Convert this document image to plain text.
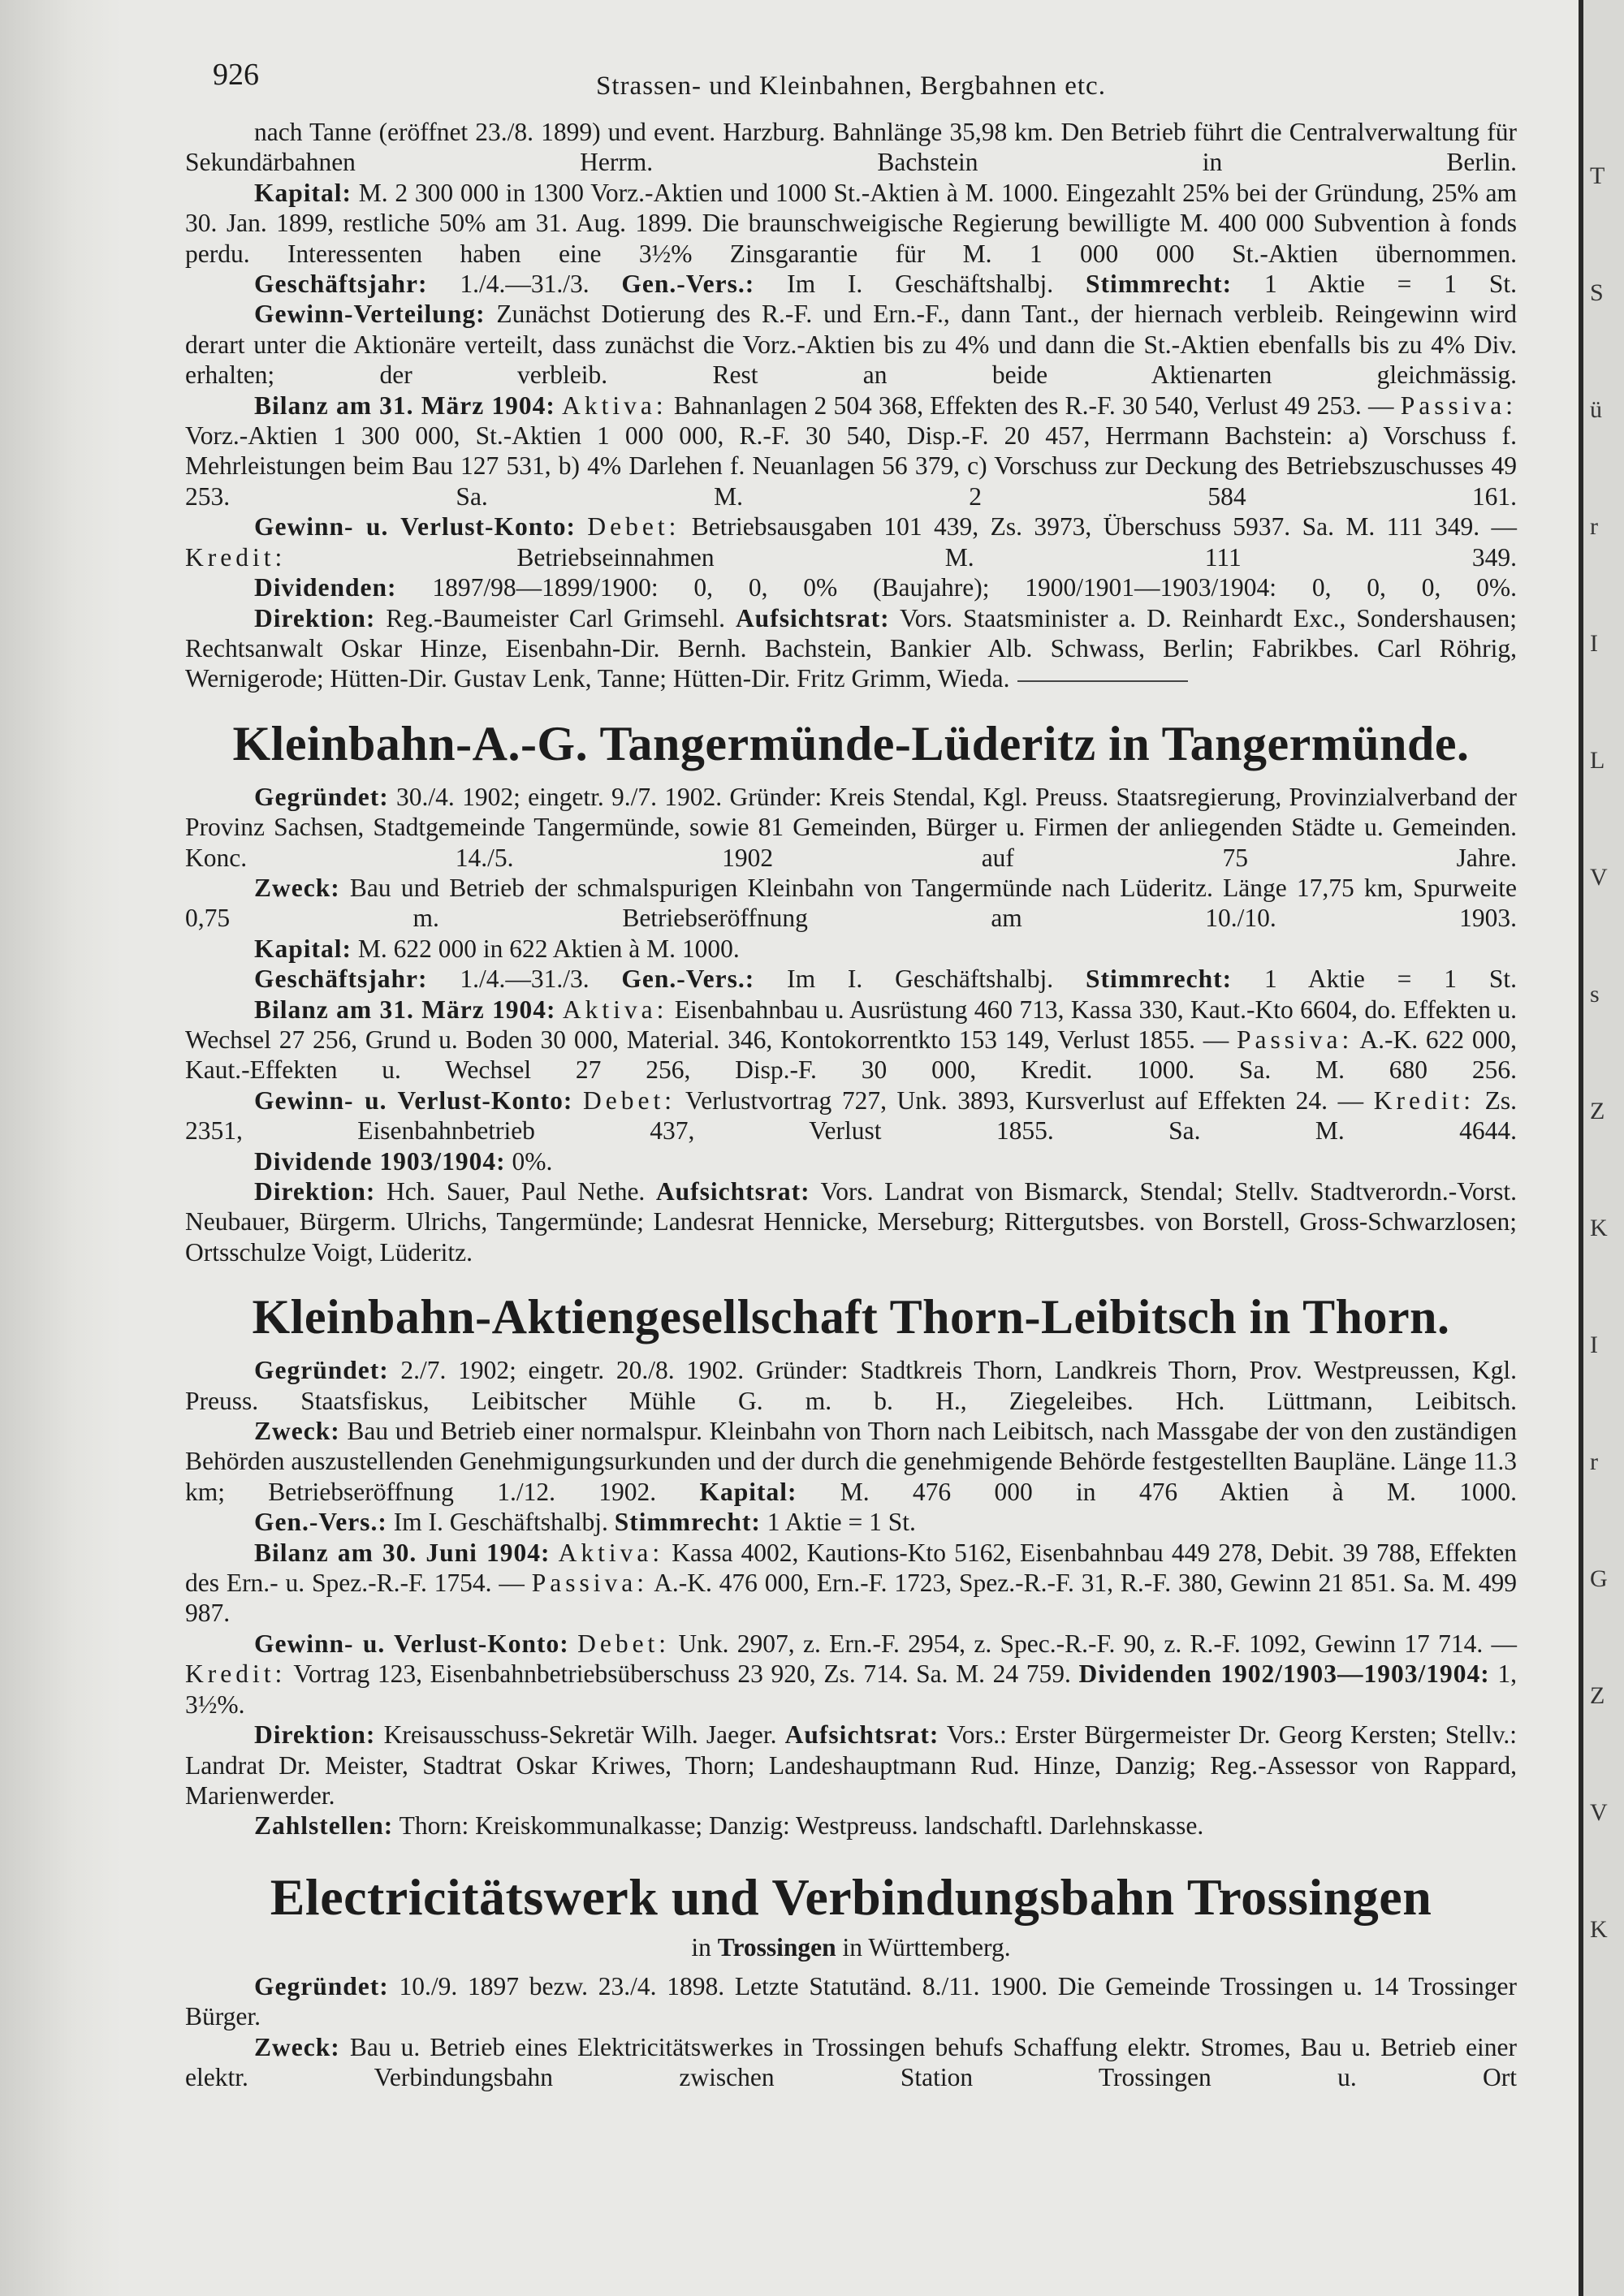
T
S
ü
r
I
L
V
s
Z
K
I
r
G
Z
V
K
926	Strassen- und Kleinbahnen, Bergbahnen etc.

nach Tanne (eröffnet 23./8. 1899) und event. Harzburg. Bahnlänge 35,98 km. Den Betrieb führt die Centralverwaltung für Sekundärbahnen Herrm. Bachstein in Berlin.

Kapital: M. 2 300 000 in 1300 Vorz.-Aktien und 1000 St.-Aktien à M. 1000. Eingezahlt 25% bei der Gründung, 25% am 30. Jan. 1899, restliche 50% am 31. Aug. 1899. Die braunschweigische Regierung bewilligte M. 400 000 Subvention à fonds perdu. Interessenten haben eine 3½% Zinsgarantie für M. 1 000 000 St.-Aktien übernommen.

Geschäftsjahr: 1./4.—31./3. Gen.-Vers.: Im I. Geschäftshalbj. Stimmrecht: 1 Aktie = 1 St.

Gewinn-Verteilung: Zunächst Dotierung des R.-F. und Ern.-F., dann Tant., der hiernach verbleib. Reingewinn wird derart unter die Aktionäre verteilt, dass zunächst die Vorz.-Aktien bis zu 4% und dann die St.-Aktien ebenfalls bis zu 4% Div. erhalten; der verbleib. Rest an beide Aktienarten gleichmässig.

Bilanz am 31. März 1904: Aktiva: Bahnanlagen 2 504 368, Effekten des R.-F. 30 540, Verlust 49 253. — Passiva: Vorz.-Aktien 1 300 000, St.-Aktien 1 000 000, R.-F. 30 540, Disp.-F. 20 457, Herrmann Bachstein: a) Vorschuss f. Mehrleistungen beim Bau 127 531, b) 4% Darlehen f. Neuanlagen 56 379, c) Vorschuss zur Deckung des Betriebszuschusses 49 253. Sa. M. 2 584 161.

Gewinn- u. Verlust-Konto: Debet: Betriebsausgaben 101 439, Zs. 3973, Überschuss 5937. Sa. M. 111 349. — Kredit:	Betriebseinnahmen M. 111 349.

Dividenden: 1897/98—1899/1900: 0, 0, 0% (Baujahre); 1900/1901—1903/1904: 0, 0, 0, 0%.

Direktion: Reg.-Baumeister Carl Grimsehl. Aufsichtsrat: Vors. Staatsminister a. D. Reinhardt Exc., Sondershausen; Rechtsanwalt Oskar Hinze, Eisenbahn-Dir. Bernh. Bachstein, Bankier Alb. Schwass, Berlin; Fabrikbes. Carl Röhrig, Wernigerode; Hütten-Dir. Gustav Lenk, Tanne; Hütten-Dir. Fritz Grimm, Wieda.

Kleinbahn-A.-G. Tangermünde-Lüderitz in Tangermünde.

Gegründet: 30./4. 1902; eingetr. 9./7. 1902. Gründer: Kreis Stendal, Kgl. Preuss. Staatsregierung, Provinzialverband der Provinz Sachsen, Stadtgemeinde Tangermünde, sowie 81 Gemeinden, Bürger u. Firmen der anliegenden Städte u. Gemeinden. Konc. 14./5. 1902 auf 75 Jahre.

Zweck: Bau und Betrieb der schmalspurigen Kleinbahn von Tangermünde nach Lüderitz. Länge 17,75 km, Spurweite 0,75 m. Betriebseröffnung am 10./10. 1903.

Kapital: M. 622 000 in 622 Aktien à M. 1000.

Geschäftsjahr: 1./4.—31./3. Gen.-Vers.: Im I. Geschäftshalbj. Stimmrecht: 1 Aktie = 1 St.

Bilanz am 31. März 1904: Aktiva: Eisenbahnbau u. Ausrüstung 460 713, Kassa 330, Kaut.-Kto 6604, do. Effekten u. Wechsel 27 256, Grund u. Boden 30 000, Material. 346, Kontokorrentkto 153 149, Verlust 1855. — Passiva: A.-K. 622 000, Kaut.-Effekten u. Wechsel 27 256, Disp.-F. 30 000, Kredit. 1000. Sa. M. 680 256.

Gewinn- u. Verlust-Konto: Debet: Verlustvortrag 727, Unk. 3893, Kursverlust auf Effekten 24. — Kredit: Zs. 2351, Eisenbahnbetrieb 437, Verlust 1855. Sa. M. 4644.

Dividende 1903/1904: 0%.

Direktion: Hch. Sauer, Paul Nethe. Aufsichtsrat: Vors. Landrat von Bismarck, Stendal; Stellv. Stadtverordn.-Vorst. Neubauer, Bürgerm. Ulrichs, Tangermünde; Landesrat Hennicke, Merseburg; Rittergutsbes. von Borstell, Gross-Schwarzlosen; Ortsschulze Voigt, Lüderitz.

Kleinbahn-Aktiengesellschaft Thorn-Leibitsch in Thorn.

Gegründet: 2./7. 1902; eingetr. 20./8. 1902. Gründer: Stadtkreis Thorn, Landkreis Thorn, Prov. Westpreussen, Kgl. Preuss. Staatsfiskus, Leibitscher Mühle G. m. b. H., Ziegeleibes. Hch. Lüttmann, Leibitsch.

Zweck: Bau und Betrieb einer normalspur. Kleinbahn von Thorn nach Leibitsch, nach Massgabe der von den zuständigen Behörden auszustellenden Genehmigungsurkunden und der durch die genehmigende Behörde festgestellten Baupläne. Länge 11.3 km; Betriebseröffnung 1./12. 1902. Kapital: M. 476 000 in 476 Aktien à M. 1000.

Gen.-Vers.: Im I. Geschäftshalbj. Stimmrecht: 1 Aktie = 1 St.

Bilanz am 30. Juni 1904: Aktiva: Kassa 4002, Kautions-Kto 5162, Eisenbahnbau 449 278, Debit. 39 788, Effekten des Ern.- u. Spez.-R.-F. 1754. — Passiva: A.-K. 476 000, Ern.-F. 1723, Spez.-R.-F. 31, R.-F. 380, Gewinn 21 851. Sa. M. 499 987.

Gewinn- u. Verlust-Konto: Debet: Unk. 2907, z. Ern.-F. 2954, z. Spec.-R.-F. 90, z. R.-F. 1092, Gewinn 17 714. — Kredit: Vortrag 123, Eisenbahnbetriebsüberschuss 23 920, Zs. 714. Sa. M. 24 759. Dividenden 1902/1903—1903/1904: 1, 3½%.

Direktion: Kreisausschuss-Sekretär Wilh. Jaeger. Aufsichtsrat: Vors.: Erster Bürgermeister Dr. Georg Kersten; Stellv.: Landrat Dr. Meister, Stadtrat Oskar Kriwes, Thorn; Landeshauptmann Rud. Hinze, Danzig; Reg.-Assessor von Rappard, Marienwerder.

Zahlstellen: Thorn: Kreiskommunalkasse; Danzig: Westpreuss. landschaftl. Darlehnskasse.

Electricitätswerk und Verbindungsbahn Trossingen
in Trossingen in Württemberg.

Gegründet: 10./9. 1897 bezw. 23./4. 1898. Letzte Statutänd. 8./11. 1900. Die Gemeinde Trossingen u. 14 Trossinger Bürger.

Zweck: Bau u. Betrieb eines Elektricitätswerkes in Trossingen behufs Schaffung elektr. Stromes, Bau u. Betrieb einer elektr. Verbindungsbahn zwischen Station Trossingen u. Ort
